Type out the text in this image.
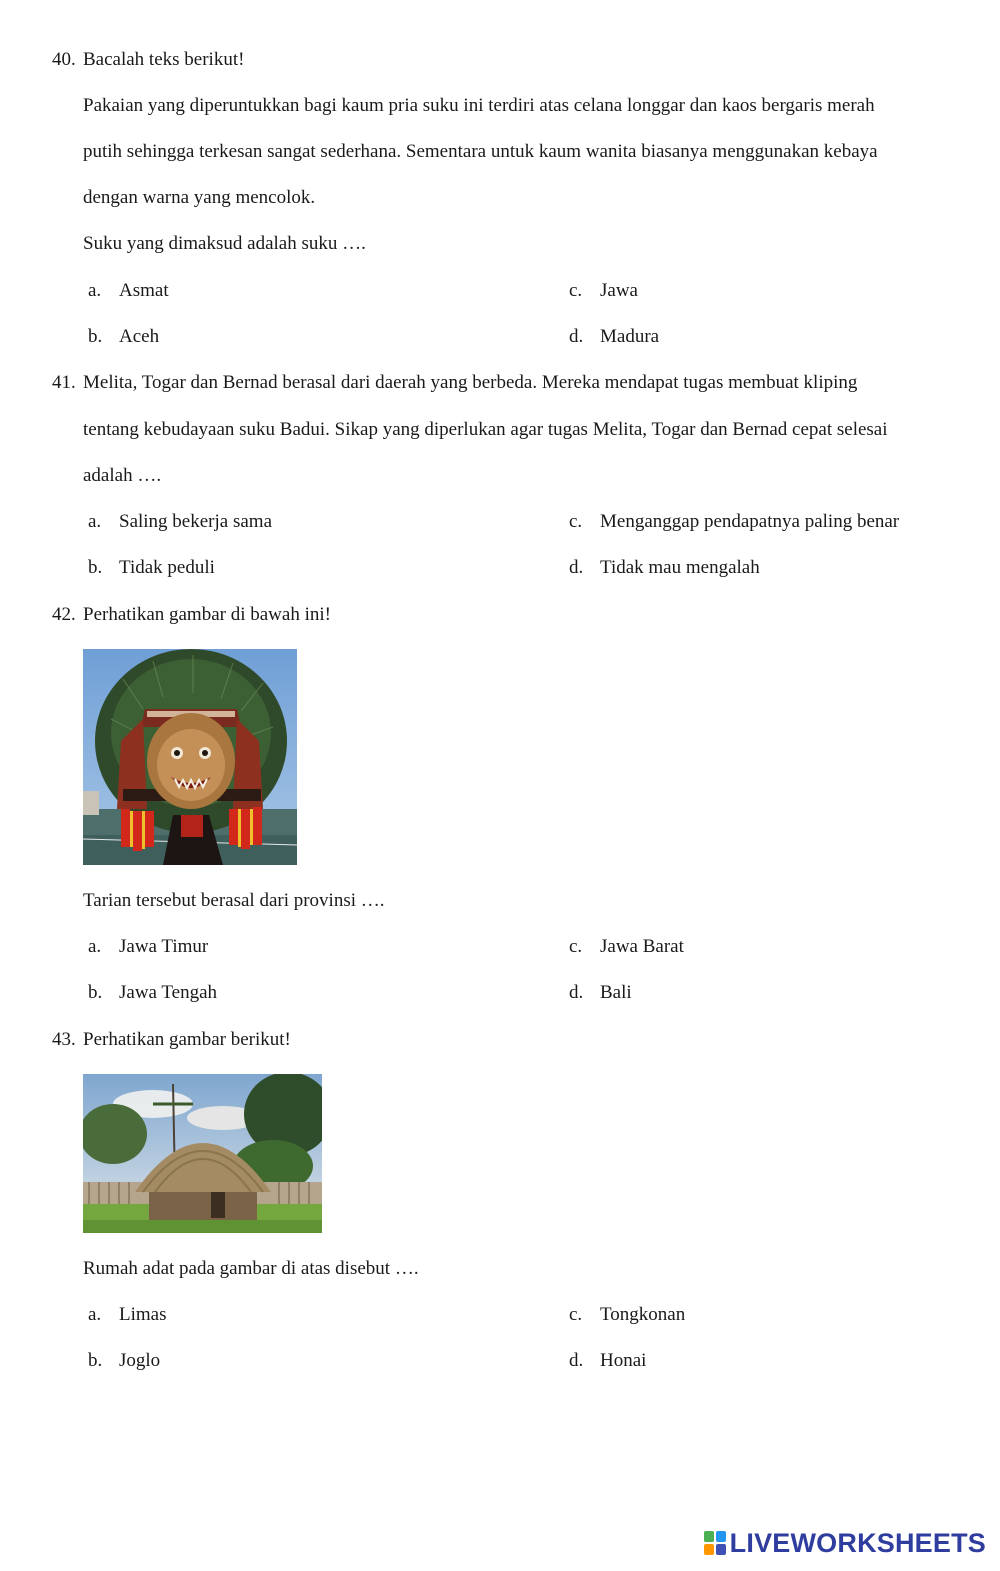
40. Bacalah teks berikut!
Pakaian yang diperuntukkan bagi kaum pria suku ini terdiri atas celana longgar dan kaos bergaris merah
putih sehingga terkesan sangat sederhana. Sementara untuk kaum wanita biasanya menggunakan kebaya
dengan warna yang mencolok.
Suku yang dimaksud adalah suku ….
a. Asmat
b. Aceh
c. Jawa
d. Madura
41. Melita, Togar dan Bernad berasal dari daerah yang berbeda. Mereka mendapat tugas membuat kliping
tentang kebudayaan suku Badui. Sikap yang diperlukan agar tugas Melita, Togar dan Bernad cepat selesai
adalah ….
a. Saling bekerja sama
b. Tidak peduli
c. Menganggap pendapatnya paling benar
d. Tidak mau mengalah
42. Perhatikan gambar di bawah ini!
Tarian tersebut berasal dari provinsi ….
a. Jawa Timur
b. Jawa Tengah
c. Jawa Barat
d. Bali
43. Perhatikan gambar berikut!
Rumah adat pada gambar di atas disebut ….
a. Limas
b. Joglo
c. Tongkonan
d. Honai
LIVEWORKSHEETS
